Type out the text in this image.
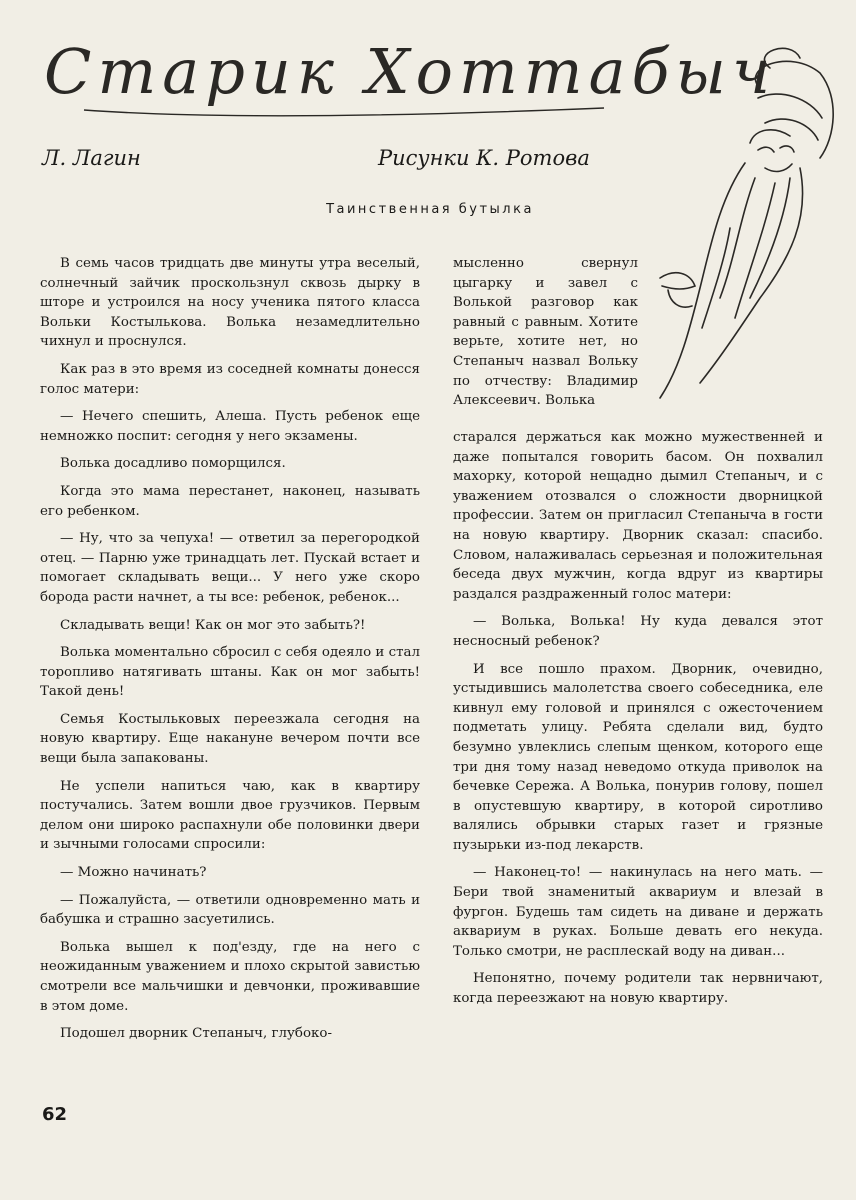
Старик Хоттабыч
Л. Лагин	Рисунки К. Ротова
Таинственная бутылка

В семь часов тридцать две минуты утра веселый, солнечный зайчик проскользнул сквозь дырку в шторе и устроился на носу ученика пятого класса Вольки Костылькова. Волька незамедлительно чихнул и проснулся.

Как раз в это время из соседней комнаты донесся голос матери:

— Нечего спешить, Алеша. Пусть ребенок еще немножко поспит: сегодня у него экзамены.

Волька досадливо поморщился.

Когда это мама перестанет, наконец, называть его ребенком.

— Ну, что за чепуха! — ответил за перегородкой отец. — Парню уже тринадцать лет. Пускай встает и помогает складывать вещи... У него уже скоро борода расти начнет, а ты все: ребенок, ребенок...

Складывать вещи! Как он мог это забыть?!

Волька моментально сбросил с себя одеяло и стал торопливо натягивать штаны. Как он мог забыть! Такой день!

Семья Костыльковых переезжала сегодня на новую квартиру. Еще накануне вечером почти все вещи была запакованы.

Не успели напиться чаю, как в квартиру постучались. Затем вошли двое грузчиков. Первым делом они широко распахнули обе половинки двери и зычными голосами спросили:

— Можно начинать?

— Пожалуйста, — ответили одновременно мать и бабушка и страшно засуетились.

Волька вышел к под'езду, где на него с неожиданным уважением и плохо скрытой завистью смотрели все мальчишки и девчонки, проживавшие в этом доме.

Подошел дворник Степаныч, глубоко-

мысленно свернул цыгарку и завел с Волькой разговор как равный с равным. Хотите верьте, хотите нет, но Степаныч назвал Вольку по отчеству: Владимир Алексеевич. Волька

старался держаться как можно мужественней и даже попытался говорить басом. Он похвалил махорку, которой нещадно дымил Степаныч, и с уважением отозвался о сложности дворницкой профессии. Затем он пригласил Степаныча в гости на новую квартиру. Дворник сказал: спасибо. Словом, налаживалась серьезная и положительная беседа двух мужчин, когда вдруг из квартиры раздался раздраженный голос матери:

— Волька, Волька! Ну куда девался этот несносный ребенок?

И все пошло прахом. Дворник, очевидно, устыдившись малолетства своего собеседника, еле кивнул ему головой и принялся с ожесточением подметать улицу. Ребята сделали вид, будто безумно увлеклись слепым щенком, которого еще три дня тому назад неведомо откуда приволок на бечевке Сережа. А Волька, понурив голову, пошел в опустевшую квартиру, в которой сиротливо валялись обрывки старых газет и грязные пузырьки из-под лекарств.

— Наконец-то! — накинулась на него мать. — Бери твой знаменитый аквариум и влезай в фургон. Будешь там сидеть на диване и держать аквариум в руках. Больше девать его некуда. Только смотри, не расплескай воду на диван...

Непонятно, почему родители так нервничают, когда переезжают на новую квартиру.

62
